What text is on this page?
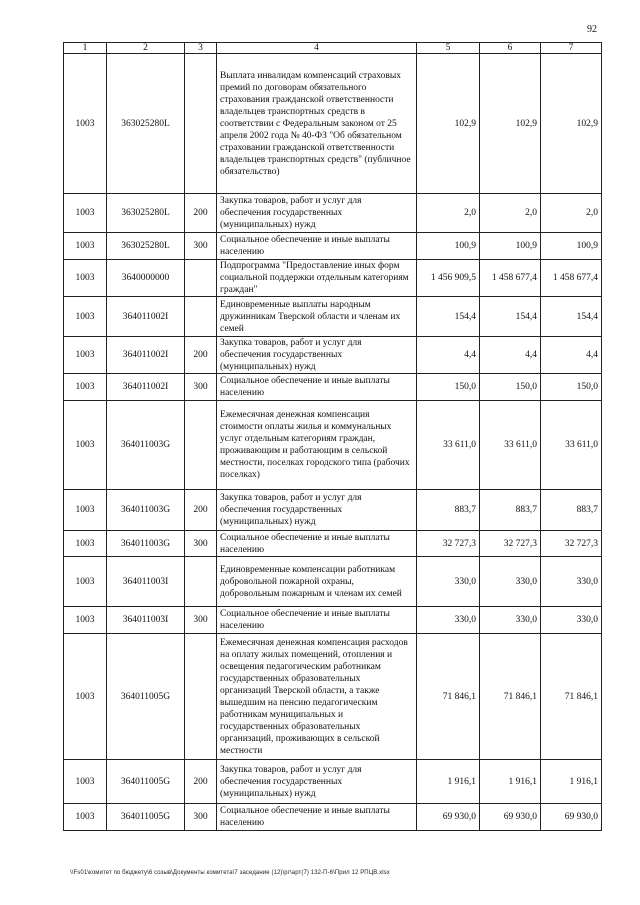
92
1	2	3	4	5	6	7
1003	363025280L		Выплата инвалидам компенсаций страховых премий по договорам обязательного страхования гражданской ответственности владельцев транспортных средств в соответствии с Федеральным законом от 25 апреля 2002 года № 40-ФЗ "Об обязательном страховании гражданской ответственности владельцев транспортных средств" (публичное обязательство)	102,9	102,9	102,9
1003	363025280L	200	Закупка товаров, работ и услуг для обеспечения государственных (муниципальных) нужд	2,0	2,0	2,0
1003	363025280L	300	Социальное обеспечение и иные выплаты населению	100,9	100,9	100,9
1003	3640000000		Подпрограмма "Предоставление иных форм социальной поддержки отдельным категориям граждан"	1 456 909,5	1 458 677,4	1 458 677,4
1003	364011002I		Единовременные выплаты народным дружинникам Тверской области и членам их семей	154,4	154,4	154,4
1003	364011002I	200	Закупка товаров, работ и услуг для обеспечения государственных (муниципальных) нужд	4,4	4,4	4,4
1003	364011002I	300	Социальное обеспечение и иные выплаты населению	150,0	150,0	150,0
1003	364011003G		Ежемесячная денежная компенсация стоимости оплаты жилья и коммунальных услуг отдельным категориям граждан, проживающим и работающим в сельской местности, поселках городского типа (рабочих поселках)	33 611,0	33 611,0	33 611,0
1003	364011003G	200	Закупка товаров, работ и услуг для обеспечения государственных (муниципальных) нужд	883,7	883,7	883,7
1003	364011003G	300	Социальное обеспечение и иные выплаты населению	32 727,3	32 727,3	32 727,3
1003	364011003I		Единовременные компенсации работникам добровольной пожарной охраны, добровольным пожарным и членам их семей	330,0	330,0	330,0
1003	364011003I	300	Социальное обеспечение и иные выплаты населению	330,0	330,0	330,0
1003	364011005G		Ежемесячная денежная компенсация расходов на оплату жилых помещений, отопления и освещения педагогическим работникам государственных образовательных организаций Тверской области, а также вышедшим на пенсию педагогическим работникам муниципальных и государственных образовательных организаций, проживающих в сельской местности	71 846,1	71 846,1	71 846,1
1003	364011005G	200	Закупка товаров, работ и услуг для обеспечения государственных (муниципальных) нужд	1 916,1	1 916,1	1 916,1
1003	364011005G	300	Социальное обеспечение и иные выплаты населению	69 930,0	69 930,0	69 930,0
\\Fs01\комитет по бюджету\6 созыв\Документы комитета\7 заседание (12)\рг\арт(7) 132-П-6\Прил 12 РПЦВ.xlsx
